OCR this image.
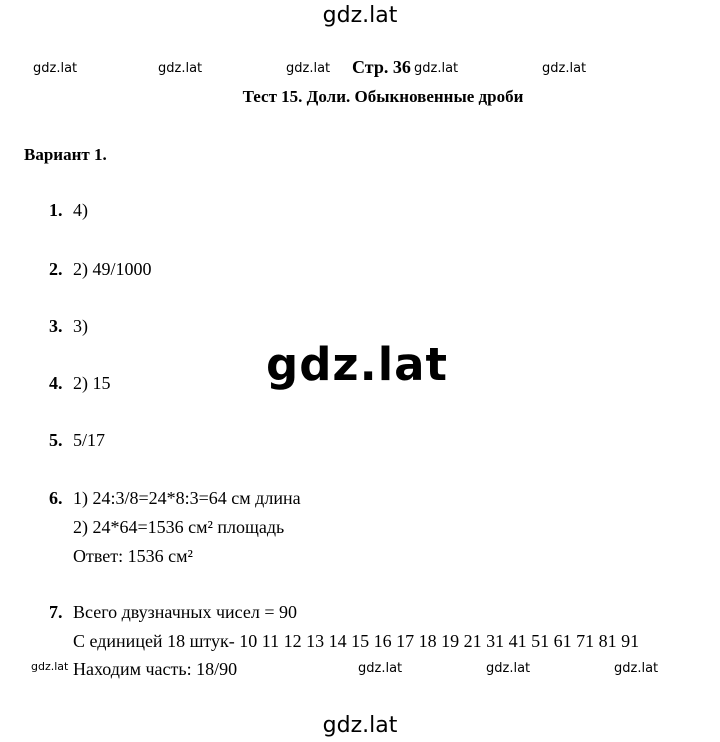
gdz.lat
gdz.lat	gdz.lat	gdz.lat	gdz.lat	gdz.lat
gdz.lat
gdz.lat	gdz.lat	gdz.lat	gdz.lat
gdz.lat
Стр. 36
Тест 15. Доли. Обыкновенные дроби
Вариант 1.
1. 4)
2. 2) 49/1000
3. 3)
4. 2) 15
5. 5/17
6. 1) 24:3/8=24*8:3=64 см длина
2) 24*64=1536 см² площадь
Ответ: 1536 см²
7. Всего двузначных чисел = 90
С единицей 18 штук- 10 11 12 13 14 15 16 17 18 19 21 31 41 51 61 71 81 91
Находим часть: 18/90
